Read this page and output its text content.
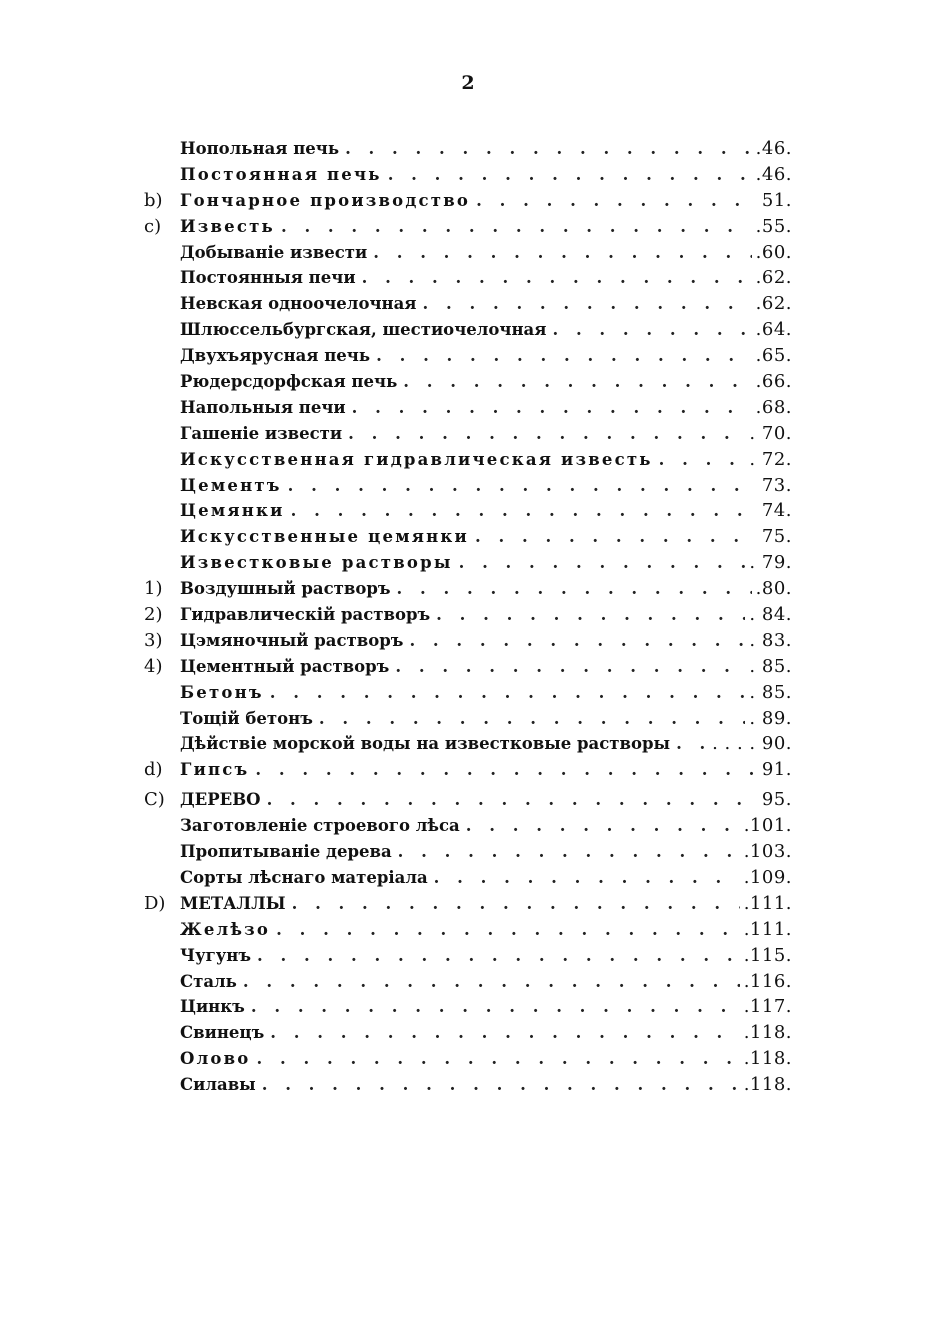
2
Нопольная печь . . .	.46.
Постоянная печь . . .	.46.
b)	Гончарное производство . . .	51.
c)	Известь . . .	.55.
Добыванiе извести . . .	.60.
Постоянныя печи . . .	.62.
Невская одноочелочная . . .	.62.
Шлюссельбургская, шестиочелочная . . .	.64.
Двухъярусная печь . . .	.65.
Рюдерсдорфская печь . . .	.66.
Напольныя печи . . .	.68.
Гашенiе извести . . .	. 70.
Искусственная гидравлическая известь . . .	. 72.
Цементъ . . .	73.
Цемянки . . .	74.
Искусственные цемянки . . .	75.
Известковые растворы . . .	. 79.
1)	Воздушный растворъ . . .	.80.
2)	Гидравлическiй растворъ . . .	. 84.
3)	Цэмяночный растворъ . . .	. 83.
4)	Цементный растворъ . . .	. 85.
Бетонъ . . .	. 85.
Тощiй бетонъ . . .	. 89.
Дѣйствiе морской воды на известковые растворы . . .	. . . . 90.
d)	Гипсъ . . .	91.
C) ДЕРЕВО . . .	95.
Заготовленiе строевого лѣса . . .	.101.
Пропитыванiе дерева . . .	.103.
Сорты лѣснаго матерiала . . .	.109.
D) МЕТАЛЛЫ . . .	.111.
Желѣзо . . .	.111.
Чугунъ . . .	.115.
Сталь . . .	.116.
Цинкъ . . .	.117.
Свинецъ . . .	.118.
Олово . . .	.118.
Силавы . . .	.118.
